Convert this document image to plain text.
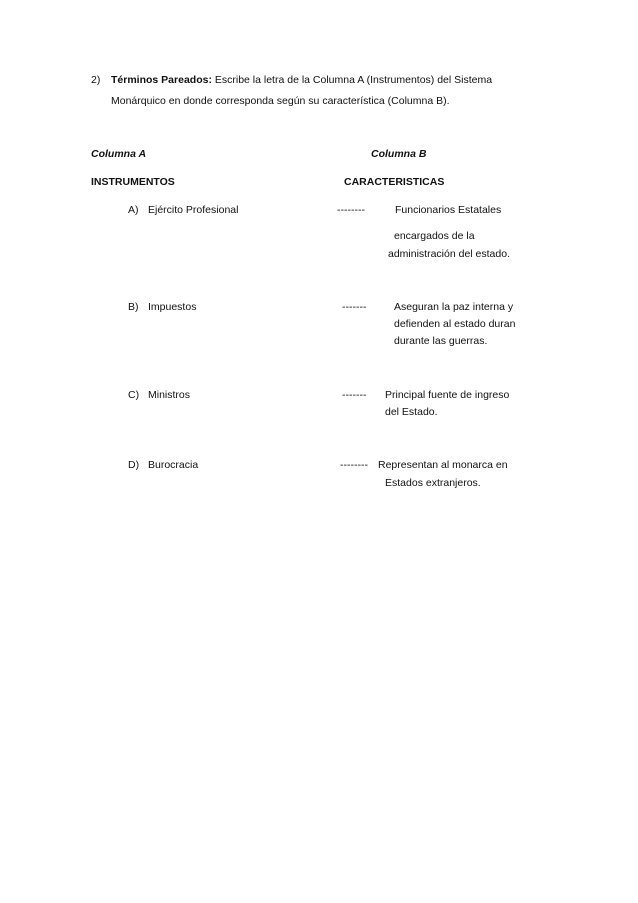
2) Términos Pareados: Escribe la letra de la Columna A (Instrumentos) del Sistema
Monárquico en donde corresponda según su característica (Columna B).
Columna A	Columna B
INSTRUMENTOS	CARACTERISTICAS
A) Ejército Profesional	--------	Funcionarios Estatales
encargados de la
administración del estado.
B) Impuestos	-------	Aseguran la paz interna y
defienden al estado duran
durante las guerras.
C) Ministros	------- Principal fuente de ingreso
del Estado.
D) Burocracia	-------- Representan al monarca en
Estados extranjeros.
